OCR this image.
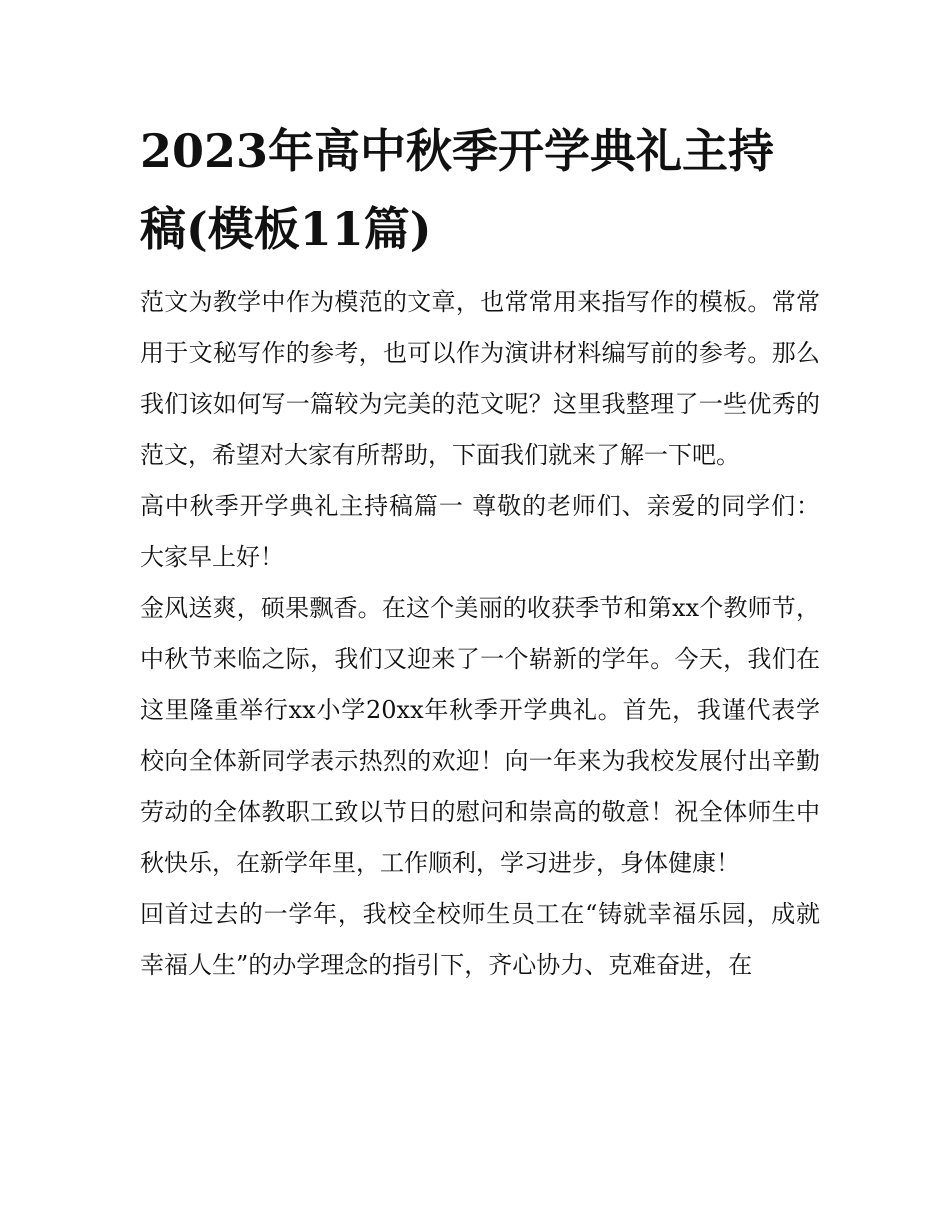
2023年高中秋季开学典礼主持稿(模板11篇)

范文为教学中作为模范的文章，也常常用来指写作的模板。常常用于文秘写作的参考，也可以作为演讲材料编写前的参考。那么我们该如何写一篇较为完美的范文呢？这里我整理了一些优秀的范文，希望对大家有所帮助，下面我们就来了解一下吧。

高中秋季开学典礼主持稿篇一 尊敬的老师们、亲爱的同学们： 大家早上好！

金风送爽，硕果飘香。在这个美丽的收获季节和第xx个教师节，中秋节来临之际，我们又迎来了一个崭新的学年。今天，我们在这里隆重举行xx小学20xx年秋季开学典礼。首先，我谨代表学校向全体新同学表示热烈的欢迎！向一年来为我校发展付出辛勤劳动的全体教职工致以节日的慰问和崇高的敬意！祝全体师生中秋快乐，在新学年里，工作顺利，学习进步，身体健康！

回首过去的一学年，我校全校师生员工在“铸就幸福乐园，成就幸福人生”的办学理念的指引下，齐心协力、克难奋进，在
